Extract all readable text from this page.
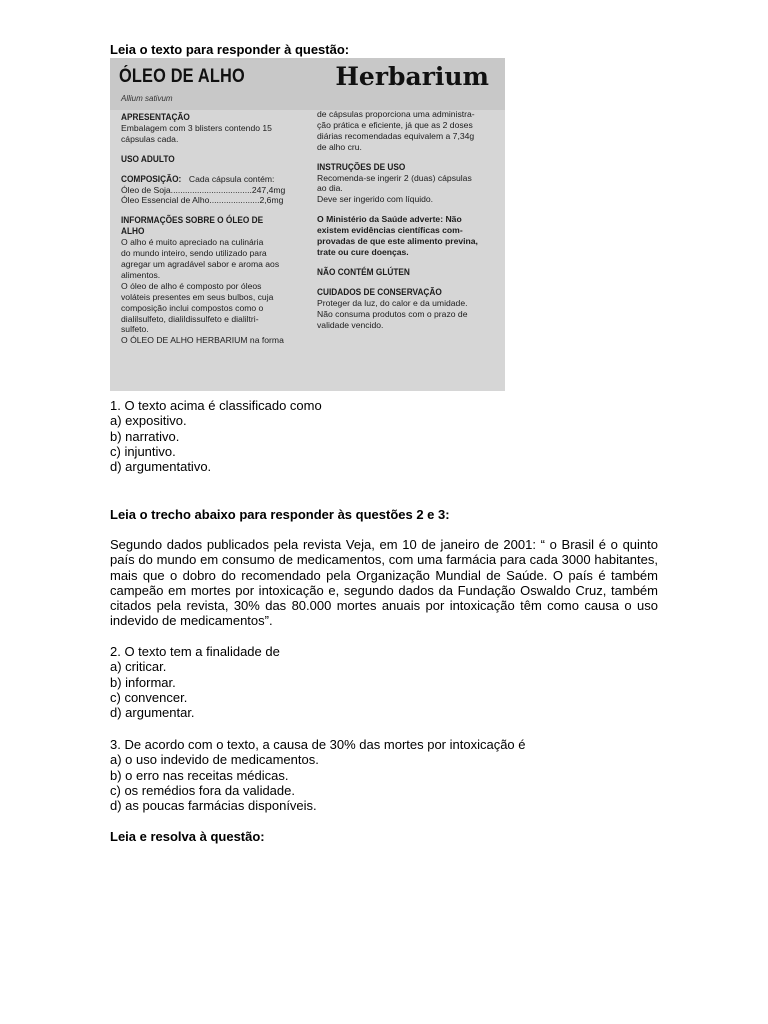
Leia o texto para responder à questão:
ÓLEO DE ALHO
Allium sativum
Herbarium

APRESENTAÇÃO

Embalagem com 3 blisters contendo 15

cápsulas cada.

USO ADULTO

COMPOSIÇÃO: Cada cápsula contém:

Óleo de Soja..................................247,4mg

Óleo Essencial de Alho.....................2,6mg

INFORMAÇÕES SOBRE O ÓLEO DE ALHO

O alho é muito apreciado na culinária

do mundo inteiro, sendo utilizado para

agregar um agradável sabor e aroma aos

alimentos.

O óleo de alho é composto por óleos

voláteis presentes em seus bulbos, cuja

composição inclui compostos como o

dialilsulfeto, dialildissulfeto e dialiltri-

sulfeto.

O ÓLEO DE ALHO HERBARIUM na forma

de cápsulas proporciona uma administra-

ção prática e eficiente, já que as 2 doses

diárias recomendadas equivalem a 7,34g

de alho cru.

INSTRUÇÕES DE USO

Recomenda-se ingerir 2 (duas) cápsulas

ao dia.

Deve ser ingerido com líquido.

O Ministério da Saúde adverte: Não

existem evidências científicas com-

provadas de que este alimento previna,

trate ou cure doenças.

NÃO CONTÉM GLÚTEN

CUIDADOS DE CONSERVAÇÃO

Proteger da luz, do calor e da umidade.

Não consuma produtos com o prazo de

validade vencido.

1. O texto acima é classificado como

a) expositivo.

b) narrativo.

c) injuntivo.

d) argumentativo.

Leia o trecho abaixo para responder às questões 2 e 3:

Segundo dados publicados pela revista Veja, em 10 de janeiro de 2001: “ o Brasil é o quinto país do mundo em consumo de medicamentos, com uma farmácia para cada 3000 habitantes, mais que o dobro do recomendado pela Organização Mundial de Saúde. O país é também campeão em mortes por intoxicação e, segundo dados da Fundação Oswaldo Cruz, também citados pela revista, 30% das 80.000 mortes anuais por intoxicação têm como causa o uso indevido de medicamentos”.

2. O texto tem a finalidade de

a) criticar.

b) informar.

c) convencer.

d) argumentar.

3. De acordo com o texto, a causa de 30% das mortes por intoxicação é

a) o uso indevido de medicamentos.

b) o erro nas receitas médicas.

c) os remédios fora da validade.

d) as poucas farmácias disponíveis.

Leia e resolva à questão:
